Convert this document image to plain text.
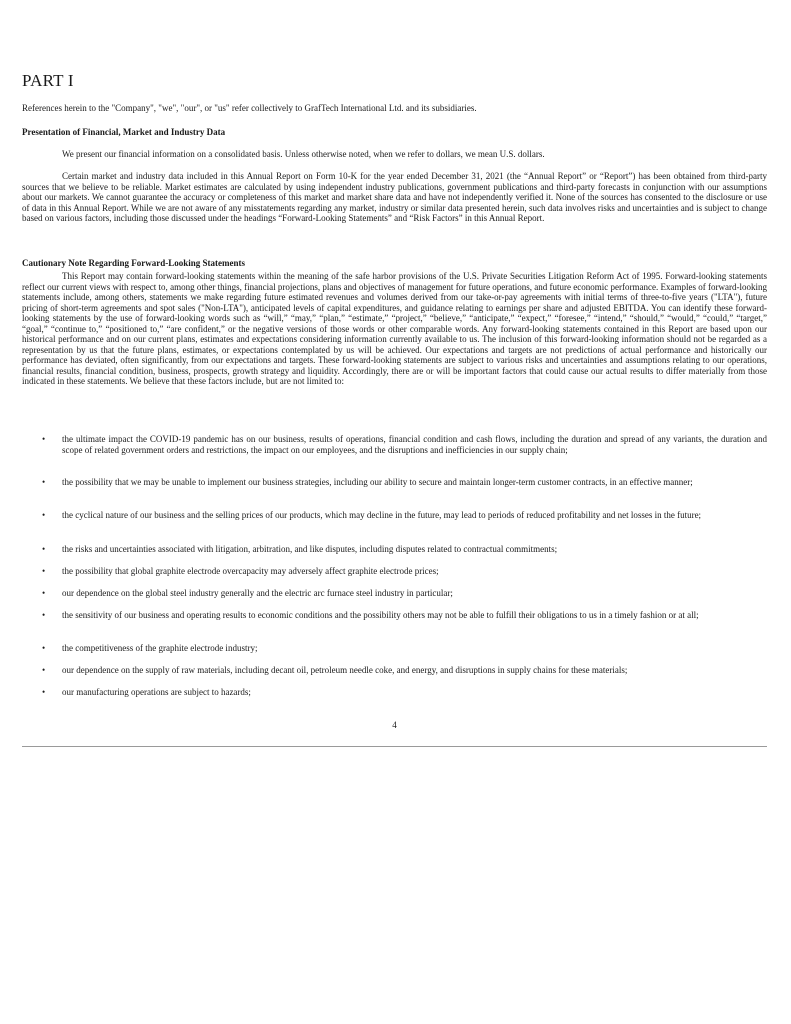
PART I
References herein to the "Company", "we", "our", or "us" refer collectively to GrafTech International Ltd. and its subsidiaries.
Presentation of Financial, Market and Industry Data
We present our financial information on a consolidated basis. Unless otherwise noted, when we refer to dollars, we mean U.S. dollars.
Certain market and industry data included in this Annual Report on Form 10-K for the year ended December 31, 2021 (the “Annual Report” or “Report”) has been obtained from third-party sources that we believe to be reliable. Market estimates are calculated by using independent industry publications, government publications and third-party forecasts in conjunction with our assumptions about our markets. We cannot guarantee the accuracy or completeness of this market and market share data and have not independently verified it. None of the sources has consented to the disclosure or use of data in this Annual Report. While we are not aware of any misstatements regarding any market, industry or similar data presented herein, such data involves risks and uncertainties and is subject to change based on various factors, including those discussed under the headings “Forward-Looking Statements” and “Risk Factors” in this Annual Report.
Cautionary Note Regarding Forward-Looking Statements
This Report may contain forward-looking statements within the meaning of the safe harbor provisions of the U.S. Private Securities Litigation Reform Act of 1995. Forward-looking statements reflect our current views with respect to, among other things, financial projections, plans and objectives of management for future operations, and future economic performance. Examples of forward-looking statements include, among others, statements we make regarding future estimated revenues and volumes derived from our take-or-pay agreements with initial terms of three-to-five years ("LTA"), future pricing of short-term agreements and spot sales ("Non-LTA"), anticipated levels of capital expenditures, and guidance relating to earnings per share and adjusted EBITDA. You can identify these forward-looking statements by the use of forward-looking words such as “will,” “may,” “plan,” “estimate,” “project,” “believe,” “anticipate,” “expect,” “foresee,” “intend,” “should,” “would,” “could,” “target,” “goal,” “continue to,” “positioned to,” “are confident,” or the negative versions of those words or other comparable words. Any forward-looking statements contained in this Report are based upon our historical performance and on our current plans, estimates and expectations considering information currently available to us. The inclusion of this forward-looking information should not be regarded as a representation by us that the future plans, estimates, or expectations contemplated by us will be achieved. Our expectations and targets are not predictions of actual performance and historically our performance has deviated, often significantly, from our expectations and targets. These forward-looking statements are subject to various risks and uncertainties and assumptions relating to our operations, financial results, financial condition, business, prospects, growth strategy and liquidity. Accordingly, there are or will be important factors that could cause our actual results to differ materially from those indicated in these statements. We believe that these factors include, but are not limited to:
• the ultimate impact the COVID-19 pandemic has on our business, results of operations, financial condition and cash flows, including the duration and spread of any variants, the duration and scope of related government orders and restrictions, the impact on our employees, and the disruptions and inefficiencies in our supply chain;
• the possibility that we may be unable to implement our business strategies, including our ability to secure and maintain longer-term customer contracts, in an effective manner;
• the cyclical nature of our business and the selling prices of our products, which may decline in the future, may lead to periods of reduced profitability and net losses in the future;
• the risks and uncertainties associated with litigation, arbitration, and like disputes, including disputes related to contractual commitments;
• the possibility that global graphite electrode overcapacity may adversely affect graphite electrode prices;
• our dependence on the global steel industry generally and the electric arc furnace steel industry in particular;
• the sensitivity of our business and operating results to economic conditions and the possibility others may not be able to fulfill their obligations to us in a timely fashion or at all;
• the competitiveness of the graphite electrode industry;
• our dependence on the supply of raw materials, including decant oil, petroleum needle coke, and energy, and disruptions in supply chains for these materials;
• our manufacturing operations are subject to hazards;
4
